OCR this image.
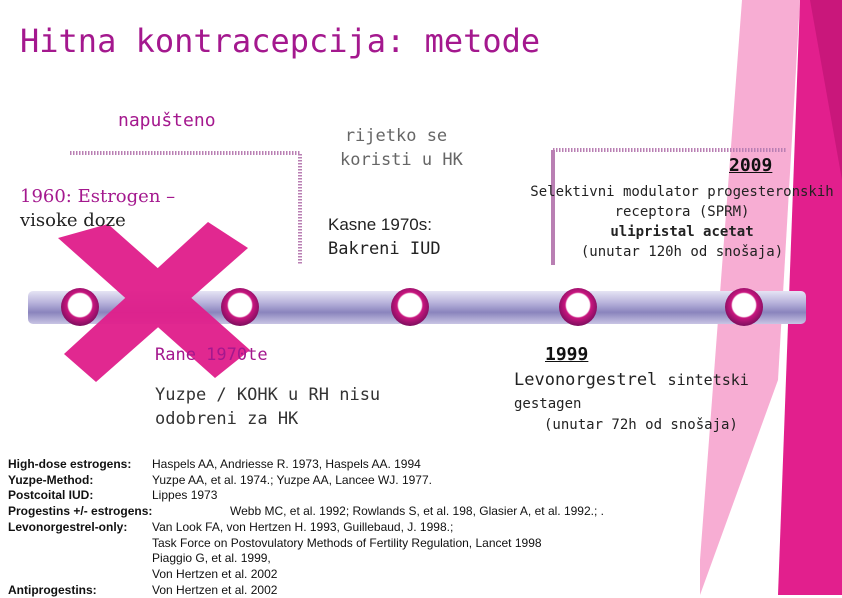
Hitna kontracepcija: metode
napušteno
1960: Estrogen –
visoke doze
rijetko se
koristi u HK
Kasne 1970s:
Bakreni IUD
2009
Selektivni modulator progesteronskih
receptora (SPRM)
ulipristal acetat
(unutar 120h od snošaja)
Rane 1970te
Yuzpe / KOHK u RH nisu
odobreni za HK
1999
Levonorgestrel sintetski
gestagen
(unutar 72h od snošaja)
High-dose estrogens: Haspels AA, Andriesse R. 1973, Haspels AA. 1994
Yuzpe-Method:	Yuzpe AA, et al. 1974.; Yuzpe AA, Lancee WJ. 1977.
Postcoital IUD:	Lippes 1973
Progestins +/- estrogens:	Webb MC, et al. 1992; Rowlands S, et al. 198, Glasier A, et al. 1992.; .
Levonorgestrel-only: Van Look FA, von Hertzen H. 1993, Guillebaud, J. 1998.;
Task Force on Postovulatory Methods of Fertility Regulation, Lancet 1998
Piaggio G, et al. 1999,
Von Hertzen et al. 2002
Antiprogestins:	Von Hertzen et al. 2002
